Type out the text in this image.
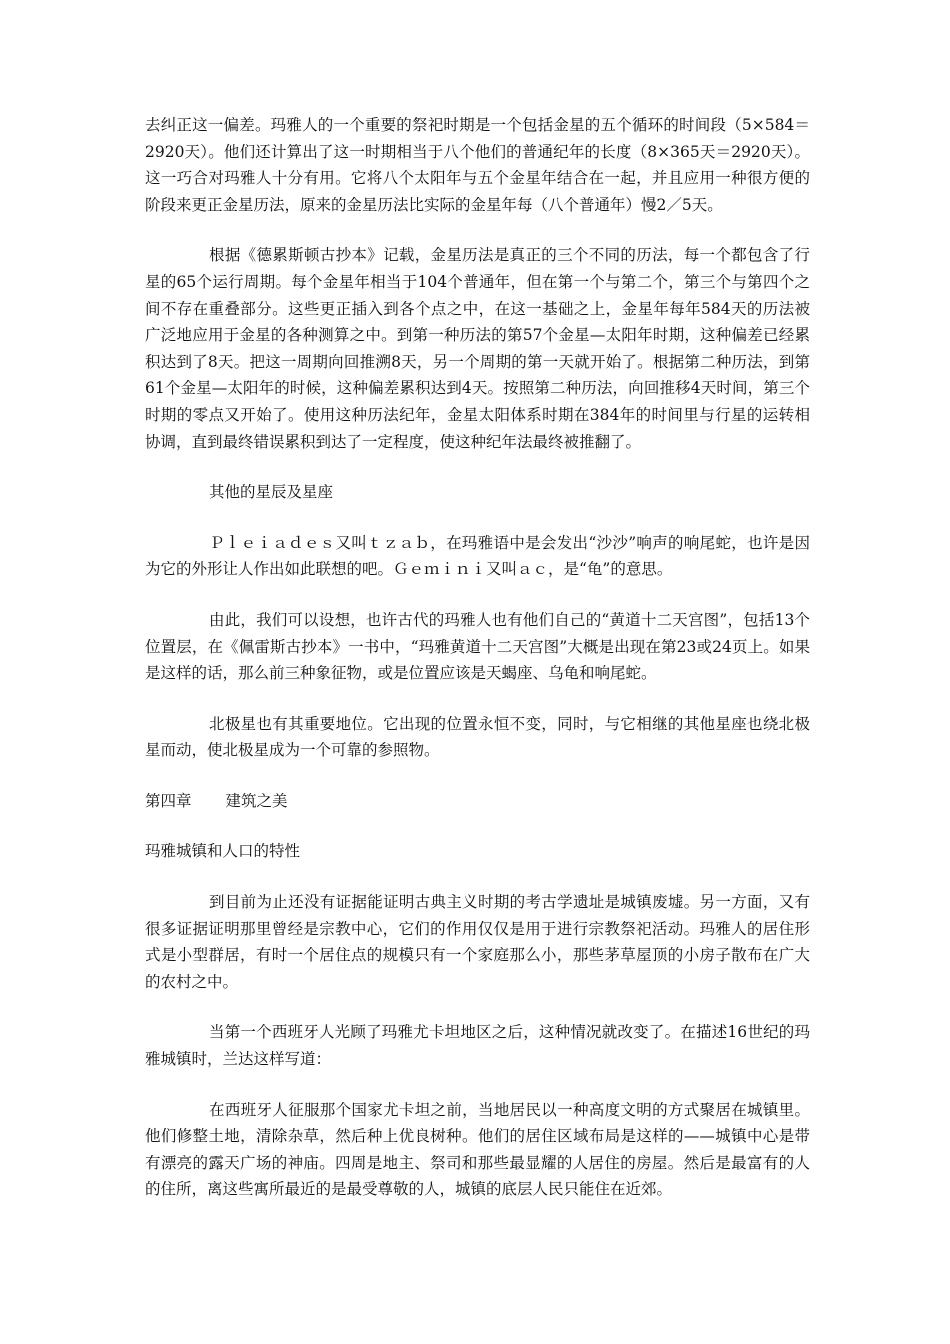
去纠正这一偏差。玛雅人的一个重要的祭祀时期是一个包括金星的五个循环的时间段（5×584＝2920天）。他们还计算出了这一时期相当于八个他们的普通纪年的长度（8×365天＝2920天）。这一巧合对玛雅人十分有用。它将八个太阳年与五个金星年结合在一起，并且应用一种很方便的阶段来更正金星历法，原来的金星历法比实际的金星年每（八个普通年）慢2／5天。

根据《德累斯顿古抄本》记载，金星历法是真正的三个不同的历法，每一个都包含了行星的65个运行周期。每个金星年相当于104个普通年，但在第一个与第二个，第三个与第四个之间不存在重叠部分。这些更正插入到各个点之中，在这一基础之上，金星年每年584天的历法被广泛地应用于金星的各种测算之中。到第一种历法的第57个金星—太阳年时期，这种偏差已经累积达到了8天。把这一周期向回推溯8天，另一个周期的第一天就开始了。根据第二种历法，到第61个金星—太阳年的时候，这种偏差累积达到4天。按照第二种历法，向回推移4天时间，第三个时期的零点又开始了。使用这种历法纪年，金星太阳体系时期在384年的时间里与行星的运转相协调，直到最终错误累积到达了一定程度，使这种纪年法最终被推翻了。

其他的星辰及星座

Ｐｌｅｉａｄｅｓ又叫ｔｚａｂ，在玛雅语中是会发出“沙沙”响声的响尾蛇，也许是因为它的外形让人作出如此联想的吧。Ｇｅｍｉｎｉ又叫ａｃ，是“龟”的意思。

由此，我们可以设想，也许古代的玛雅人也有他们自己的“黄道十二天宫图”，包括13个位置层，在《佩雷斯古抄本》一书中，“玛雅黄道十二天宫图”大概是出现在第23或24页上。如果是这样的话，那么前三种象征物，或是位置应该是天蝎座、乌龟和响尾蛇。

北极星也有其重要地位。它出现的位置永恒不变，同时，与它相继的其他星座也绕北极星而动，使北极星成为一个可靠的参照物。

第四章 建筑之美

玛雅城镇和人口的特性

到目前为止还没有证据能证明古典主义时期的考古学遗址是城镇废墟。另一方面，又有很多证据证明那里曾经是宗教中心，它们的作用仅仅是用于进行宗教祭祀活动。玛雅人的居住形式是小型群居，有时一个居住点的规模只有一个家庭那么小，那些茅草屋顶的小房子散布在广大的农村之中。

当第一个西班牙人光顾了玛雅尤卡坦地区之后，这种情况就改变了。在描述16世纪的玛雅城镇时，兰达这样写道：

在西班牙人征服那个国家尤卡坦之前，当地居民以一种高度文明的方式聚居在城镇里。他们修整土地，清除杂草，然后种上优良树种。他们的居住区域布局是这样的——城镇中心是带有漂亮的露天广场的神庙。四周是地主、祭司和那些最显耀的人居住的房屋。然后是最富有的人的住所，离这些寓所最近的是最受尊敬的人，城镇的底层人民只能住在近郊。
